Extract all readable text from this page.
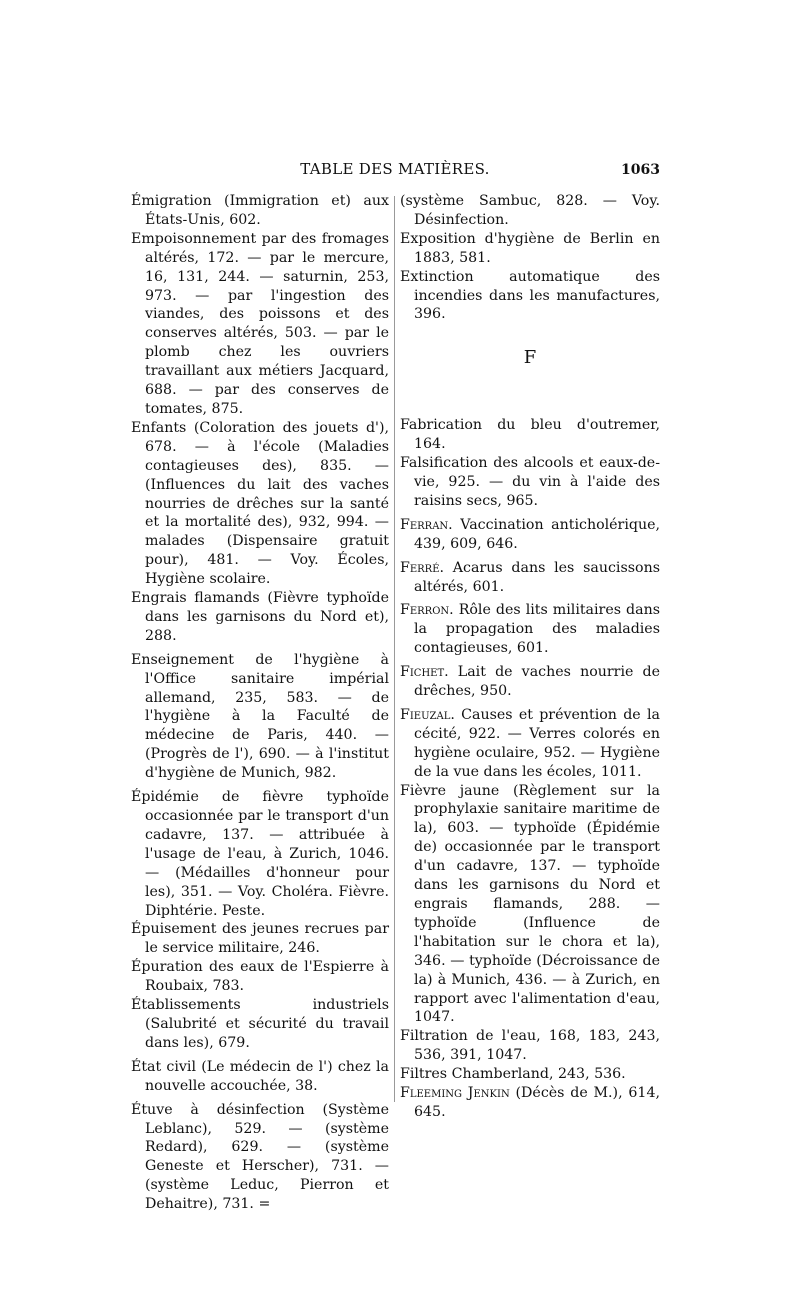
TABLE DES MATIÈRES.	1063
Émigration (Immigration et) aux États-Unis, 602.
Empoisonnement par des fromages altérés, 172. — par le mercure, 16, 131, 244. — saturnin, 253, 973. — par l'ingestion des viandes, des poissons et des conserves altérés, 503. — par le plomb chez les ouvriers travaillant aux métiers Jacquard, 688. — par des conserves de tomates, 875.
Enfants (Coloration des jouets d'), 678. — à l'école (Maladies contagieuses des), 835. — (Influences du lait des vaches nourries de drêches sur la santé et la mortalité des), 932, 994. — malades (Dispensaire gratuit pour), 481. — Voy. Écoles, Hygiène scolaire.
Engrais flamands (Fièvre typhoïde dans les garnisons du Nord et), 288.
Enseignement de l'hygiène à l'Office sanitaire impérial allemand, 235, 583. — de l'hygiène à la Faculté de médecine de Paris, 440. — (Progrès de l'), 690. — à l'institut d'hygiène de Munich, 982.
Épidémie de fièvre typhoïde occasionnée par le transport d'un cadavre, 137. — attribuée à l'usage de l'eau, à Zurich, 1046. — (Médailles d'honneur pour les), 351. — Voy. Choléra. Fièvre. Diphtérie. Peste.
Épuisement des jeunes recrues par le service militaire, 246.
Épuration des eaux de l'Espierre à Roubaix, 783.
Établissements industriels (Salubrité et sécurité du travail dans les), 679.
État civil (Le médecin de l') chez la nouvelle accouchée, 38.
Étuve à désinfection (Système Leblanc), 529. — (système Redard), 629. — (système Geneste et Herscher), 731. — (système Leduc, Pierron et Dehaitre), 731. =
(système Sambuc, 828. — Voy. Désinfection.
Exposition d'hygiène de Berlin en 1883, 581.
Extinction automatique des incendies dans les manufactures, 396.
F
Fabrication du bleu d'outremer, 164.
Falsification des alcools et eaux-de-vie, 925. — du vin à l'aide des raisins secs, 965.
Ferran. Vaccination anticholérique, 439, 609, 646.
Ferré. Acarus dans les saucissons altérés, 601.
Ferron. Rôle des lits militaires dans la propagation des maladies contagieuses, 601.
Fichet. Lait de vaches nourrie de drêches, 950.
Fieuzal. Causes et prévention de la cécité, 922. — Verres colorés en hygiène oculaire, 952. — Hygiène de la vue dans les écoles, 1011.
Fièvre jaune (Règlement sur la prophylaxie sanitaire maritime de la), 603. — typhoïde (Épidémie de) occasionnée par le transport d'un cadavre, 137. — typhoïde dans les garnisons du Nord et engrais flamands, 288. — typhoïde (Influence de l'habitation sur le chora et la), 346. — typhoïde (Décroissance de la) à Munich, 436. — à Zurich, en rapport avec l'alimentation d'eau, 1047.
Filtration de l'eau, 168, 183, 243, 536, 391, 1047.
Filtres Chamberland, 243, 536.
Fleeming Jenkin (Décès de M.), 614, 645.
